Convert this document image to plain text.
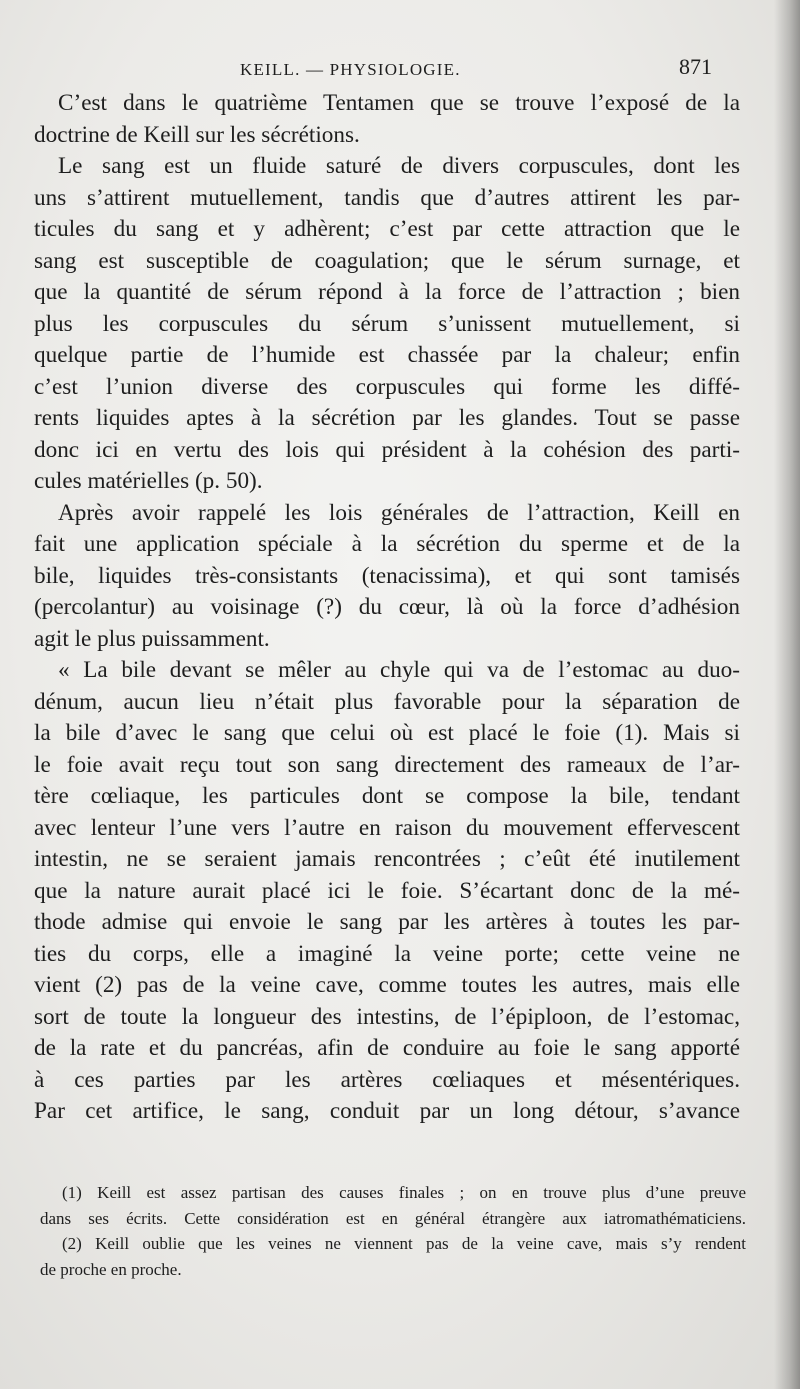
KEILL. — PHYSIOLOGIE.	871
C’est dans le quatrième Tentamen que se trouve l’exposé de la
doctrine de Keill sur les sécrétions.
Le sang est un fluide saturé de divers corpuscules, dont les
uns s’attirent mutuellement, tandis que d’autres attirent les par-
ticules du sang et y adhèrent; c’est par cette attraction que le
sang est susceptible de coagulation; que le sérum surnage, et
que la quantité de sérum répond à la force de l’attraction ; bien
plus les corpuscules du sérum s’unissent mutuellement, si
quelque partie de l’humide est chassée par la chaleur; enfin
c’est l’union diverse des corpuscules qui forme les diffé-
rents liquides aptes à la sécrétion par les glandes. Tout se passe
donc ici en vertu des lois qui président à la cohésion des parti-
cules matérielles (p. 50).
Après avoir rappelé les lois générales de l’attraction, Keill en
fait une application spéciale à la sécrétion du sperme et de la
bile, liquides très-consistants (tenacissima), et qui sont tamisés
(percolantur) au voisinage (?) du cœur, là où la force d’adhésion
agit le plus puissamment.
« La bile devant se mêler au chyle qui va de l’estomac au duo-
dénum, aucun lieu n’était plus favorable pour la séparation de
la bile d’avec le sang que celui où est placé le foie (1). Mais si
le foie avait reçu tout son sang directement des rameaux de l’ar-
tère cœliaque, les particules dont se compose la bile, tendant
avec lenteur l’une vers l’autre en raison du mouvement effervescent
intestin, ne se seraient jamais rencontrées ; c’eût été inutilement
que la nature aurait placé ici le foie. S’écartant donc de la mé-
thode admise qui envoie le sang par les artères à toutes les par-
ties du corps, elle a imaginé la veine porte; cette veine ne
vient (2) pas de la veine cave, comme toutes les autres, mais elle
sort de toute la longueur des intestins, de l’épiploon, de l’estomac,
de la rate et du pancréas, afin de conduire au foie le sang apporté
à ces parties par les artères cœliaques et mésentériques.
Par cet artifice, le sang, conduit par un long détour, s’avance
(1) Keill est assez partisan des causes finales ; on en trouve plus d’une preuve
dans ses écrits. Cette considération est en général étrangère aux iatromathématiciens.
(2) Keill oublie que les veines ne viennent pas de la veine cave, mais s’y rendent
de proche en proche.
